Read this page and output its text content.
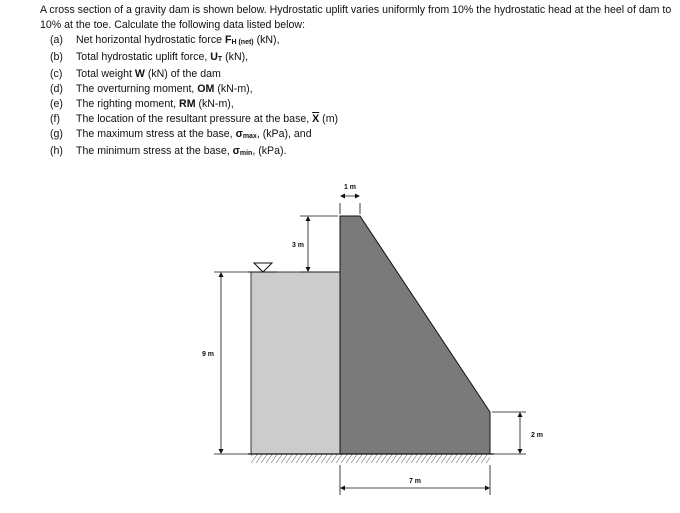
A cross section of a gravity dam is shown below. Hydrostatic uplift varies uniformly from 10% the hydrostatic head at the heel of dam to 10% at the toe. Calculate the following data listed below:

(a)	Net horizontal hydrostatic force FH (net) (kN),
(b)	Total hydrostatic uplift force, UT (kN),
(c)	Total weight W (kN) of the dam
(d)	The overturning moment, OM (kN-m),
(e)	The righting moment, RM (kN-m),
(f)	The location of the resultant pressure at the base, $\overline{X}$ (m)
(g)	The maximum stress at the base, σmax, (kPa), and
(h)	The minimum stress at the base, σmin, (kPa).
1 m
3 m
9 m
2 m
7 m
